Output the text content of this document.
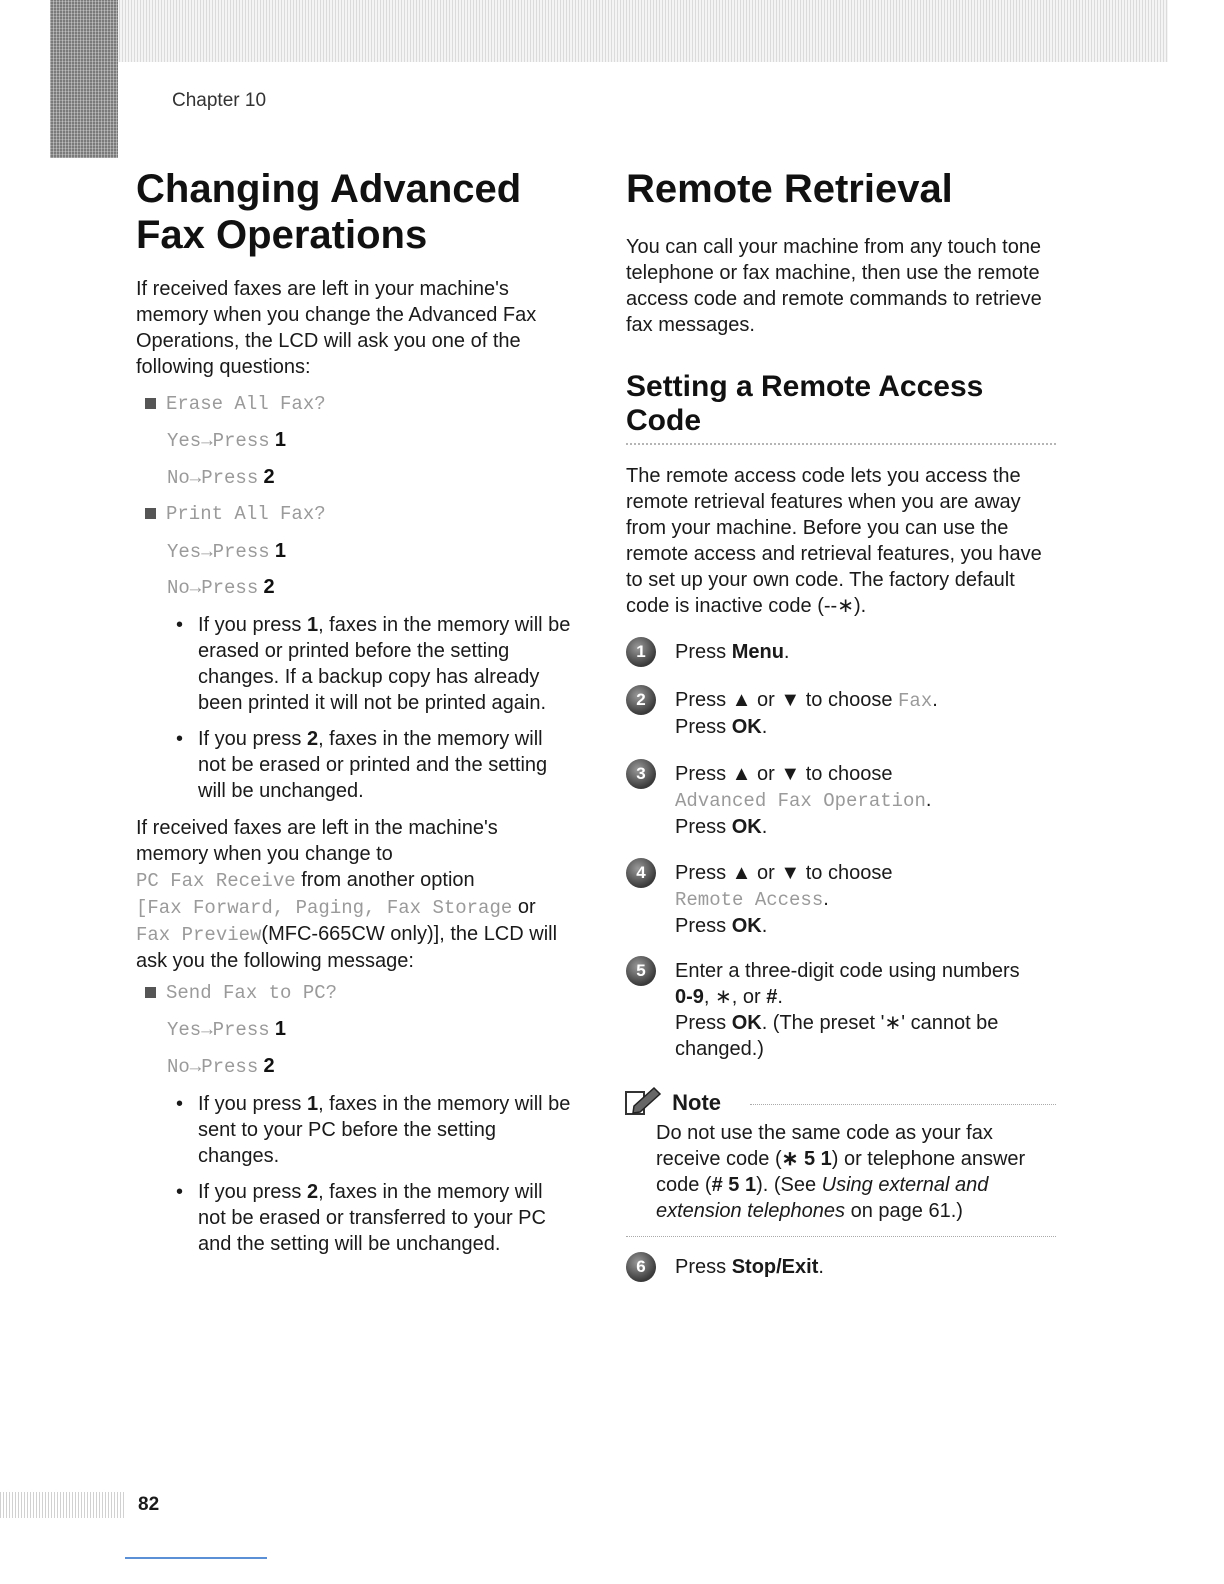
Chapter 10
Changing Advanced
Fax Operations

If received faxes are left in your machine's memory when you change the Advanced Fax Operations, the LCD will ask you one of the following questions:

Erase All Fax?
Yes→Press 1
No→Press 2
Print All Fax?
Yes→Press 1
No→Press 2
• If you press 1, faxes in the memory will be erased or printed before the setting changes. If a backup copy has already been printed it will not be printed again.
• If you press 2, faxes in the memory will not be erased or printed and the setting will be unchanged.

If received faxes are left in the machine's memory when you change to
PC Fax Receive from another option
[Fax Forward, Paging, Fax Storage or
Fax Preview(MFC-665CW only)], the LCD will ask you the following message:

Send Fax to PC?
Yes→Press 1
No→Press 2
• If you press 1, faxes in the memory will be sent to your PC before the setting changes.
• If you press 2, faxes in the memory will not be erased or transferred to your PC and the setting will be unchanged.
Remote Retrieval

You can call your machine from any touch tone telephone or fax machine, then use the remote access code and remote commands to retrieve fax messages.

Setting a Remote Access
Code

The remote access code lets you access the remote retrieval features when you are away from your machine. Before you can use the remote access and retrieval features, you have to set up your own code. The factory default code is inactive code (--∗).

1	Press Menu.
2	Press ▲ or ▼ to choose Fax.
Press OK.
3	Press ▲ or ▼ to choose
Advanced Fax Operation.
Press OK.
4	Press ▲ or ▼ to choose
Remote Access.
Press OK.
5	Enter a three-digit code using numbers
0-9, ∗, or #.
Press OK. (The preset '∗' cannot be changed.)
Note
Do not use the same code as your fax receive code (∗ 5 1) or telephone answer code (# 5 1). (See Using external and extension telephones on page 61.)
6	Press Stop/Exit.
82
